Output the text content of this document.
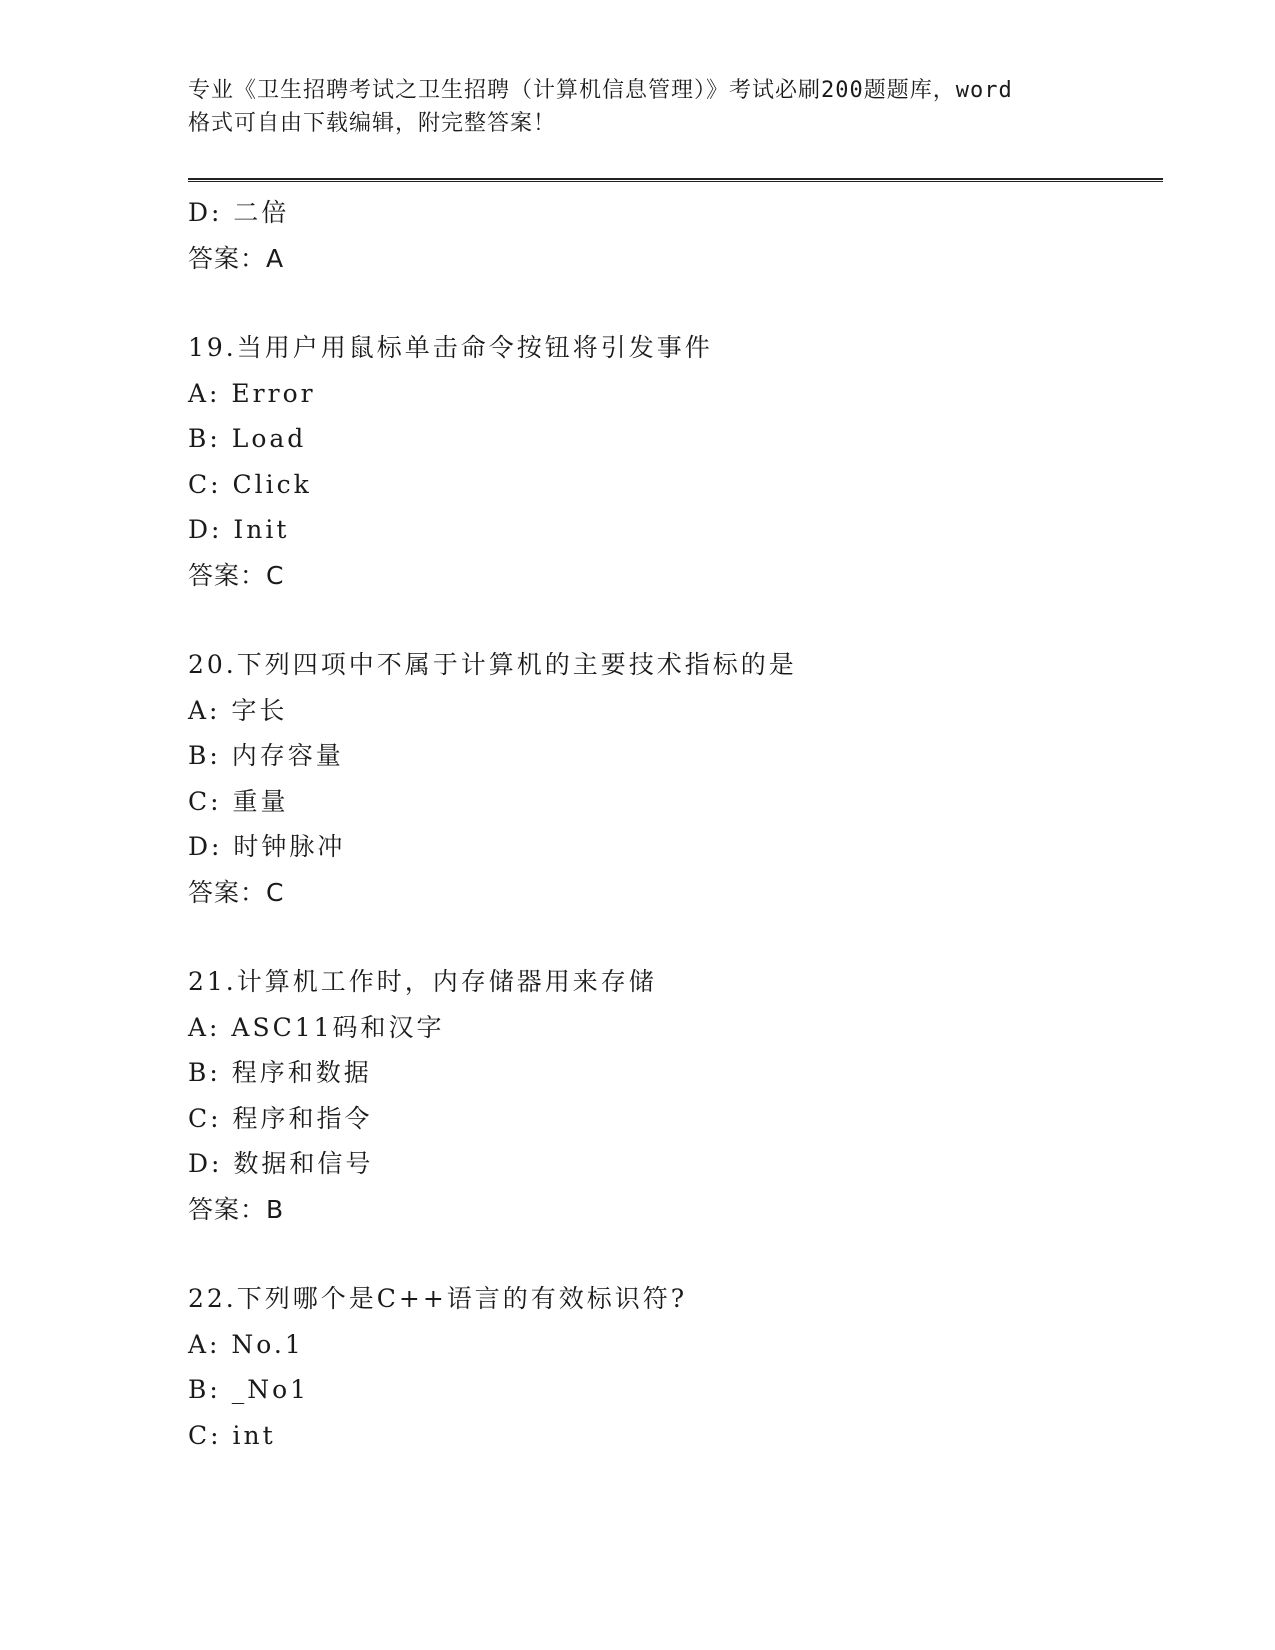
专业《卫生招聘考试之卫生招聘（计算机信息管理）》考试必刷200题题库，word
格式可自由下载编辑，附完整答案！
D: 二倍
答案：A
19.当用户用鼠标单击命令按钮将引发事件
A: Error
B: Load
C: Click
D: Init
答案：C
20.下列四项中不属于计算机的主要技术指标的是
A: 字长
B: 内存容量
C: 重量
D: 时钟脉冲
答案：C
21.计算机工作时，内存储器用来存储
A: ASC11码和汉字
B: 程序和数据
C: 程序和指令
D: 数据和信号
答案：B
22.下列哪个是C++语言的有效标识符?
A: No.1
B: _No1
C: int
